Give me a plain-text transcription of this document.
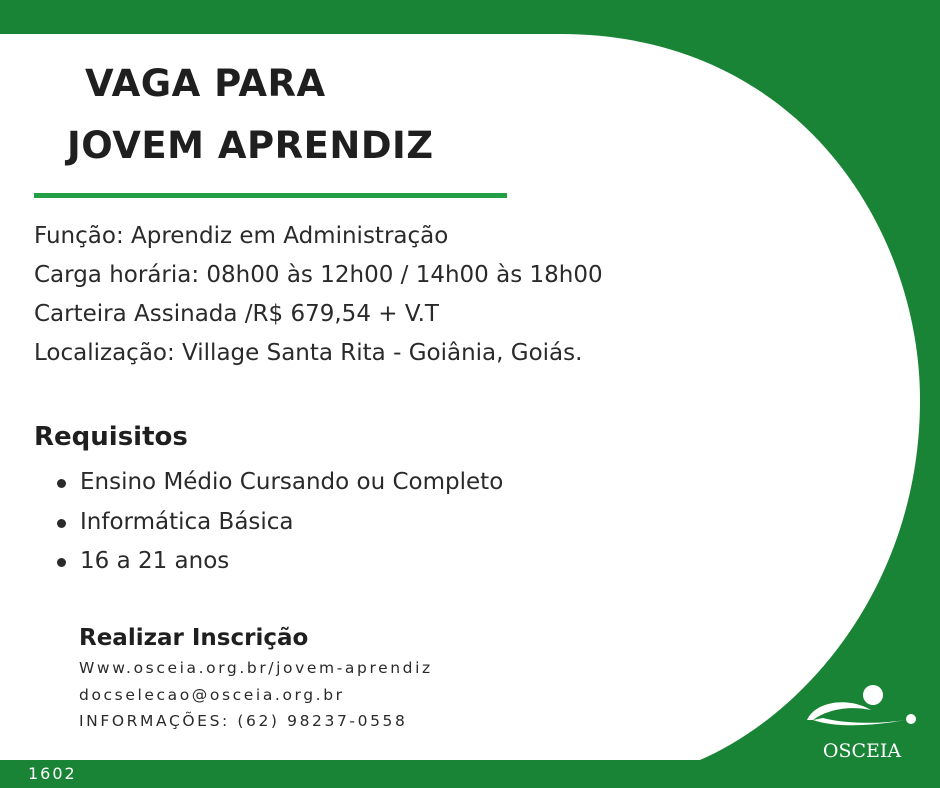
VAGA PARA
JOVEM APRENDIZ
Função: Aprendiz em Administração
Carga horária: 08h00 às 12h00 / 14h00 às 18h00
Carteira Assinada /R$ 679,54 + V.T
Localização: Village Santa Rita - Goiânia, Goiás.
Requisitos
Ensino Médio Cursando ou Completo
Informática Básica
16 a 21 anos
Realizar Inscrição
Www.osceia.org.br/jovem-aprendiz
docselecao@osceia.org.br
INFORMAÇÕES: (62) 98237-0558
1602
OSCEIA
